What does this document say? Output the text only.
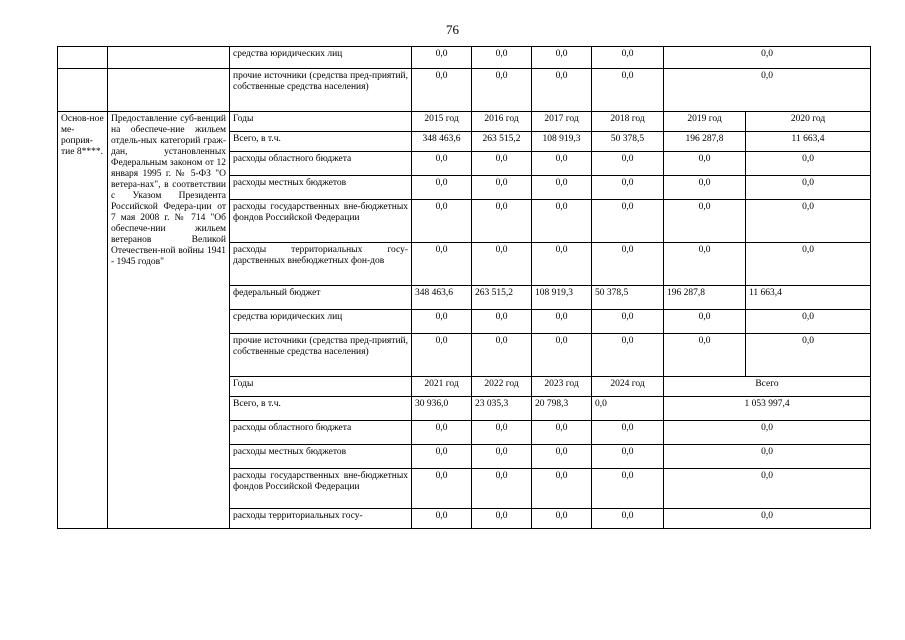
76
		средства юридических лиц	0,0	0,0	0,0	0,0	0,0	
		прочие источники (средства пред-приятий, собственные средства населения)	0,0	0,0	0,0	0,0	0,0	
Основ-ное ме-роприя-тие 8****.	Предоставление суб-венций на обеспече-ние жильем отдель-ных категорий граж-дан, установленных Федеральным законом от 12 января 1995 г. № 5-ФЗ "О ветера-нах", в соответствии с Указом Президента Российской Федера-ции от 7 мая 2008 г. № 714 "Об обеспече-нии жильем ветеранов Великой Отечествен-ной войны 1941 - 1945 годов"	Годы	2015 год	2016 год	2017 год	2018 год	2019 год	2020 год
		Всего, в т.ч.	348 463,6	263 515,2	108 919,3	50 378,5	196 287,8	11 663,4
		расходы областного бюджета	0,0	0,0	0,0	0,0	0,0	0,0
		расходы местных бюджетов	0,0	0,0	0,0	0,0	0,0	0,0
		расходы государственных вне-бюджетных фондов Российской Федерации	0,0	0,0	0,0	0,0	0,0	0,0
		расходы территориальных госу-дарственных внебюджетных фон-дов	0,0	0,0	0,0	0,0	0,0	0,0
		федеральный бюджет	348 463,6	263 515,2	108 919,3	50 378,5	196 287,8	11 663,4
		средства юридических лиц	0,0	0,0	0,0	0,0	0,0	0,0
		прочие источники (средства пред-приятий, собственные средства населения)	0,0	0,0	0,0	0,0	0,0	0,0
		Годы	2021 год	2022 год	2023 год	2024 год	Всего	
		Всего, в т.ч.	30 936,0	23 035,3	20 798,3	0,0	1 053 997,4	
		расходы областного бюджета	0,0	0,0	0,0	0,0	0,0	
		расходы местных бюджетов	0,0	0,0	0,0	0,0	0,0	
		расходы государственных вне-бюджетных фондов Российской Федерации	0,0	0,0	0,0	0,0	0,0	
		расходы территориальных госу-	0,0	0,0	0,0	0,0	0,0	
